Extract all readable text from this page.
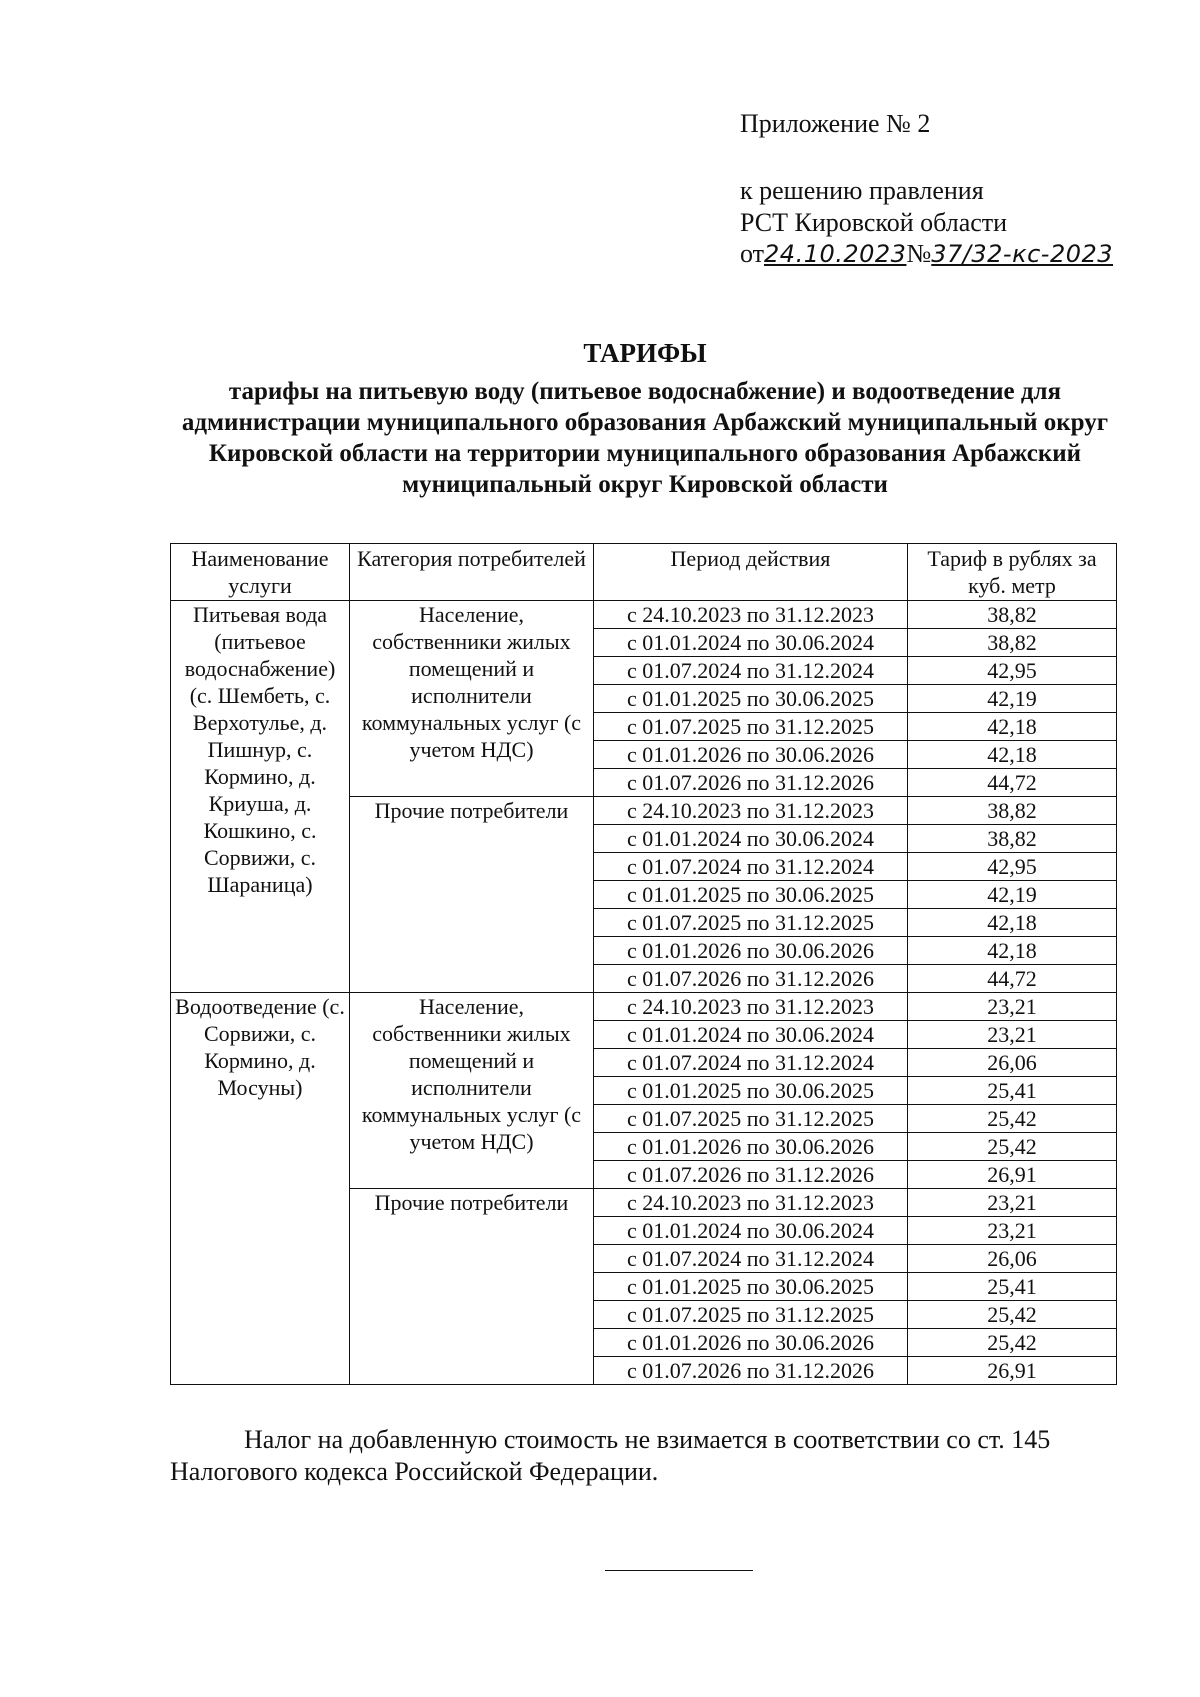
Приложение № 2
к решению правления
РСТ Кировской области
от24.10.2023№37/32-кс-2023
ТАРИФЫ
тарифы на питьевую воду (питьевое водоснабжение) и водоотведение для администрации муниципального образования Арбажский муниципальный округ Кировской области на территории муниципального образования Арбажский муниципальный округ Кировской области
Наименование услуги	Категория потребителей	Период действия	Тариф в рублях за куб. метр
Питьевая вода (питьевое водоснабжение) (с. Шембеть, с. Верхотулье, д. Пишнур, с. Кормино, д. Криуша, д. Кошкино, с. Сорвижи, с. Шараница)	Население, собственники жилых помещений и исполнители коммунальных услуг (с учетом НДС)	с 24.10.2023 по 31.12.2023	38,82
		с 01.01.2024 по 30.06.2024	38,82
		с 01.07.2024 по 31.12.2024	42,95
		с 01.01.2025 по 30.06.2025	42,19
		с 01.07.2025 по 31.12.2025	42,18
		с 01.01.2026 по 30.06.2026	42,18
		с 01.07.2026 по 31.12.2026	44,72
	Прочие потребители	с 24.10.2023 по 31.12.2023	38,82
		с 01.01.2024 по 30.06.2024	38,82
		с 01.07.2024 по 31.12.2024	42,95
		с 01.01.2025 по 30.06.2025	42,19
		с 01.07.2025 по 31.12.2025	42,18
		с 01.01.2026 по 30.06.2026	42,18
		с 01.07.2026 по 31.12.2026	44,72
Водоотведение (с. Сорвижи, с. Кормино, д. Мосуны)	Население, собственники жилых помещений и исполнители коммунальных услуг (с учетом НДС)	с 24.10.2023 по 31.12.2023	23,21
		с 01.01.2024 по 30.06.2024	23,21
		с 01.07.2024 по 31.12.2024	26,06
		с 01.01.2025 по 30.06.2025	25,41
		с 01.07.2025 по 31.12.2025	25,42
		с 01.01.2026 по 30.06.2026	25,42
		с 01.07.2026 по 31.12.2026	26,91
	Прочие потребители	с 24.10.2023 по 31.12.2023	23,21
		с 01.01.2024 по 30.06.2024	23,21
		с 01.07.2024 по 31.12.2024	26,06
		с 01.01.2025 по 30.06.2025	25,41
		с 01.07.2025 по 31.12.2025	25,42
		с 01.01.2026 по 30.06.2026	25,42
		с 01.07.2026 по 31.12.2026	26,91
Налог на добавленную стоимость не взимается в соответствии со ст. 145 Налогового кодекса Российской Федерации.
